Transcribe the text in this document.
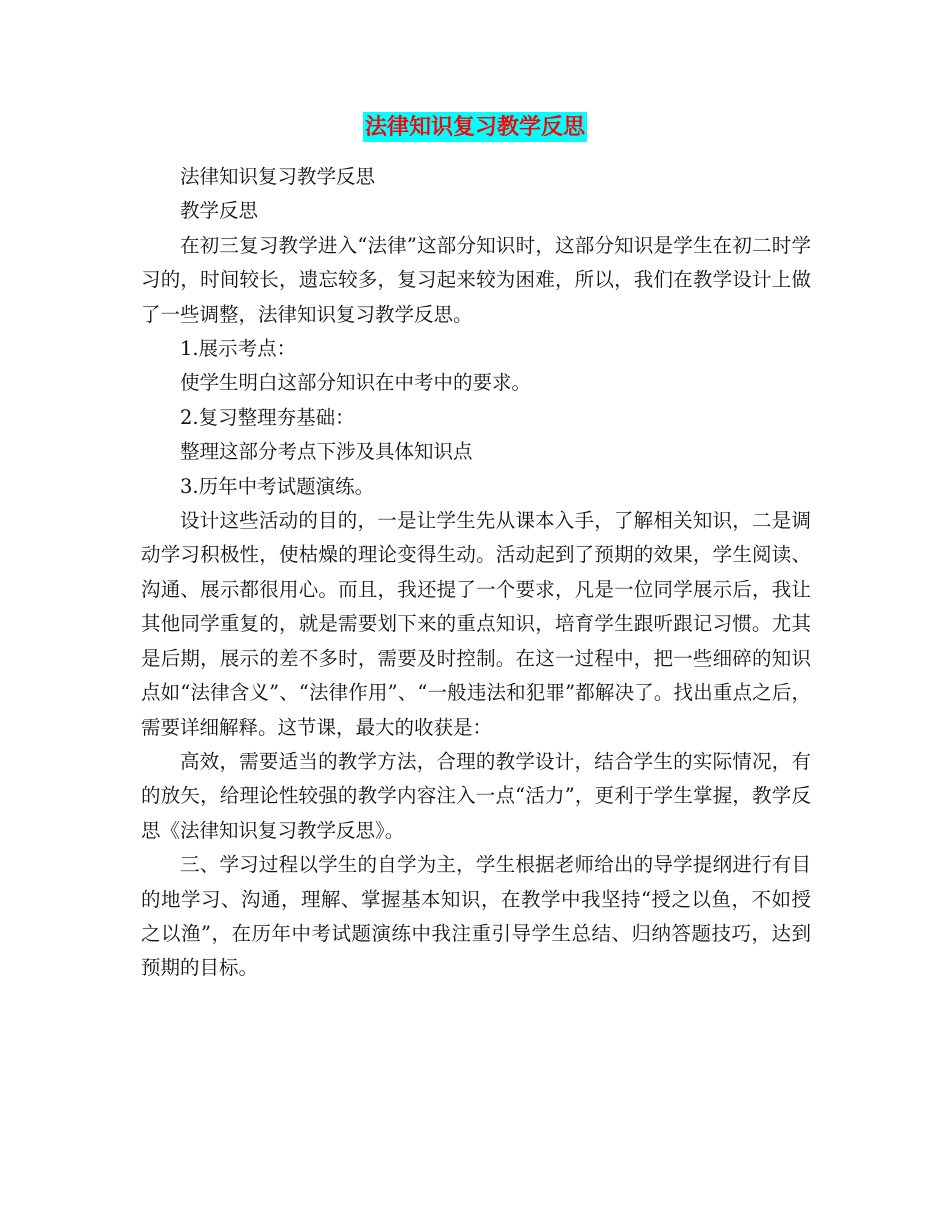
法律知识复习教学反思

法律知识复习教学反思

教学反思

在初三复习教学进入“法律”这部分知识时，这部分知识是学生在初二时学习的，时间较长，遗忘较多，复习起来较为困难，所以，我们在教学设计上做了一些调整，法律知识复习教学反思。

1.展示考点：

使学生明白这部分知识在中考中的要求。

2.复习整理夯基础：

整理这部分考点下涉及具体知识点

3.历年中考试题演练。

设计这些活动的目的，一是让学生先从课本入手，了解相关知识，二是调动学习积极性，使枯燥的理论变得生动。活动起到了预期的效果，学生阅读、沟通、展示都很用心。而且，我还提了一个要求，凡是一位同学展示后，我让其他同学重复的，就是需要划下来的重点知识，培育学生跟听跟记习惯。尤其是后期，展示的差不多时，需要及时控制。在这一过程中，把一些细碎的知识点如“法律含义”、“法律作用”、“一般违法和犯罪”都解决了。找出重点之后，需要详细解释。这节课，最大的收获是：

高效，需要适当的教学方法，合理的教学设计，结合学生的实际情况，有的放矢，给理论性较强的教学内容注入一点“活力”，更利于学生掌握，教学反思《法律知识复习教学反思》。

三、学习过程以学生的自学为主，学生根据老师给出的导学提纲进行有目的地学习、沟通，理解、掌握基本知识，在教学中我坚持“授之以鱼，不如授之以渔”，在历年中考试题演练中我注重引导学生总结、归纳答题技巧，达到预期的目标。
